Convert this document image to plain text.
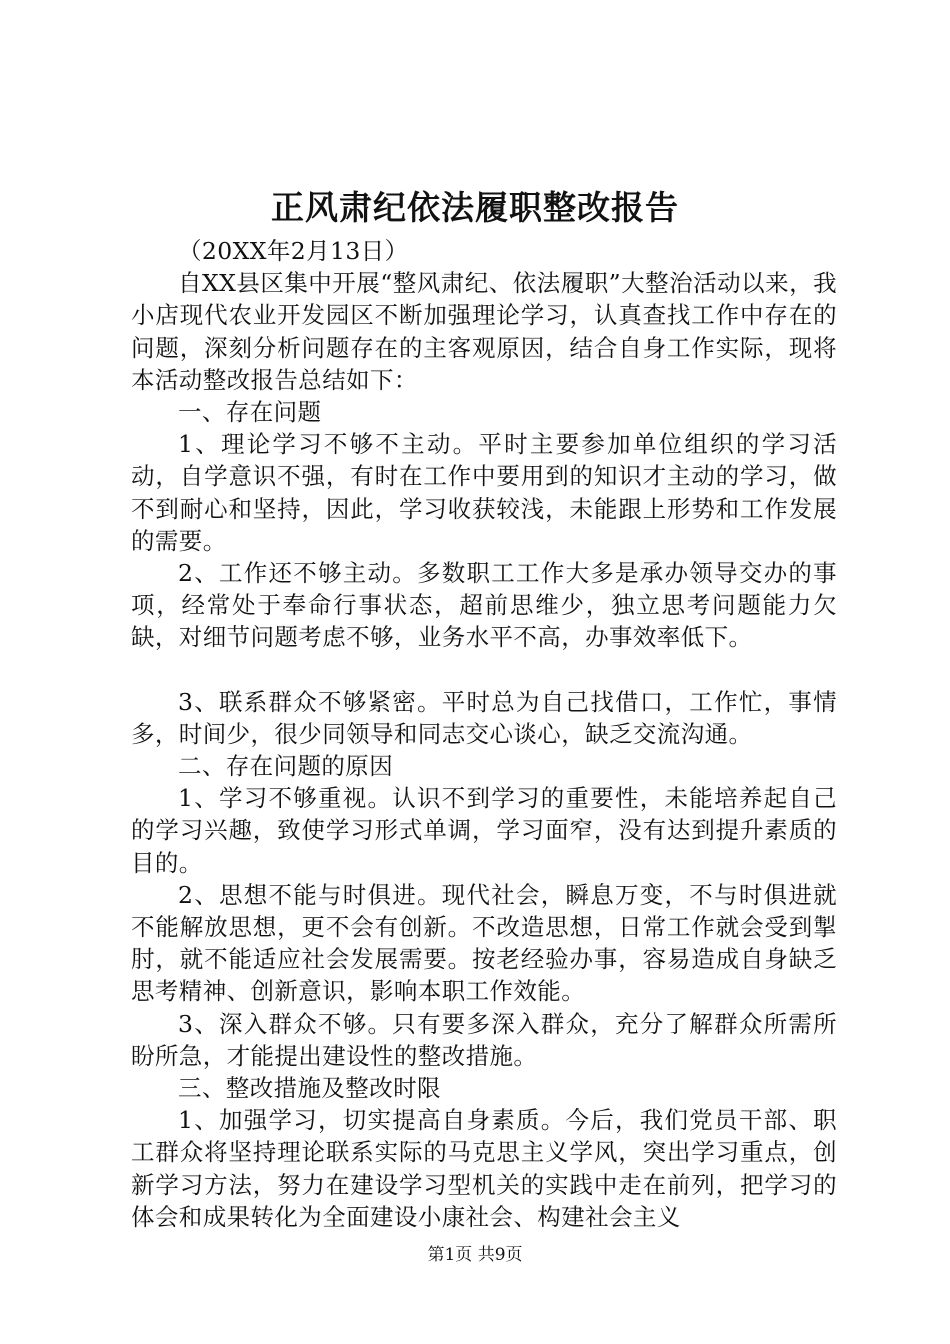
正风肃纪依法履职整改报告

（20XX年2月13日）

自XX县区集中开展“整风肃纪、依法履职”大整治活动以来，我小店现代农业开发园区不断加强理论学习，认真查找工作中存在的问题，深刻分析问题存在的主客观原因，结合自身工作实际，现将本活动整改报告总结如下：

一、存在问题

1、理论学习不够不主动。平时主要参加单位组织的学习活动，自学意识不强，有时在工作中要用到的知识才主动的学习，做不到耐心和坚持，因此，学习收获较浅，未能跟上形势和工作发展的需要。

2、工作还不够主动。多数职工工作大多是承办领导交办的事项，经常处于奉命行事状态，超前思维少，独立思考问题能力欠缺，对细节问题考虑不够，业务水平不高，办事效率低下。

3、联系群众不够紧密。平时总为自己找借口，工作忙，事情多，时间少，很少同领导和同志交心谈心，缺乏交流沟通。

二、存在问题的原因

1、学习不够重视。认识不到学习的重要性，未能培养起自己的学习兴趣，致使学习形式单调，学习面窄，没有达到提升素质的目的。

2、思想不能与时俱进。现代社会，瞬息万变，不与时俱进就不能解放思想，更不会有创新。不改造思想，日常工作就会受到掣肘，就不能适应社会发展需要。按老经验办事，容易造成自身缺乏思考精神、创新意识，影响本职工作效能。

3、深入群众不够。只有要多深入群众，充分了解群众所需所盼所急，才能提出建设性的整改措施。

三、整改措施及整改时限

1、加强学习，切实提高自身素质。今后，我们党员干部、职工群众将坚持理论联系实际的马克思主义学风，突出学习重点，创新学习方法，努力在建设学习型机关的实践中走在前列，把学习的体会和成果转化为全面建设小康社会、构建社会主义

第1页 共9页
